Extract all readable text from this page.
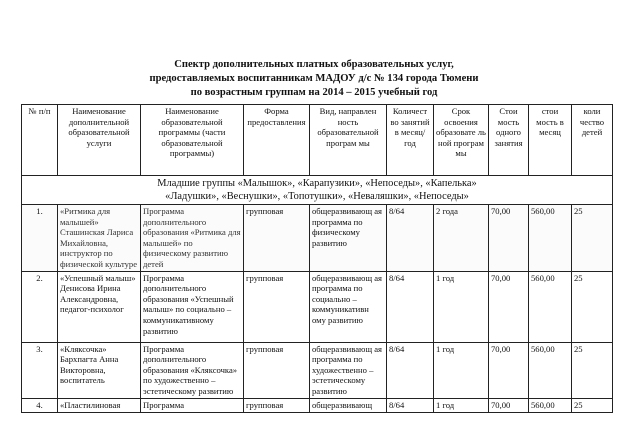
Спектр дополнительных платных образовательных услуг,
предоставляемых воспитанникам МАДОУ д/с № 134 города Тюмени
по возрастным группам на 2014 – 2015 учебный год
№ п/п	Наименование дополнительной образовательной услуги	Наименование образовательной программы (части образовательной программы)	Форма предоставления	Вид, направлен ность образовательной програм мы	Количест во занятий в месяц/год	Срок освоения образовате ль ной програм мы	Стои мость одного занятия	стои мость в месяц	коли чество детей

Младшие группы «Малышок», «Карапузики», «Непоседы», «Капелька»
«Ладушки», «Веснушки», «Топотушки», «Неваляшки», «Непоседы»									

1.	«Ритмика для малышей» Сташинская Лариса Михайловна, инструктор по физической культуре	Программа дополнительного образования «Ритмика для малышей» по физическому развитию детей	групповая	общеразвивающ ая программа по физическому развитию	8/64	2 года	70,00	560,00	25
2.	«Успешный малыш» Денисова Ирина Александровна, педагог-психолог	Программа дополнительного образования «Успешный малыш» по социально – коммуникативному развитию	групповая	общеразвивающ ая программа по социально – коммуникативн ому развитию	8/64	1 год	70,00	560,00	25
3.	«Кляксочка» Бархпагта Анна Викторовна, воспитатель	Программа дополнительного образования «Кляксочка» по художественно – эстетическому развитию	групповая	общеразвивающ ая программа по художественно – эстетическому развитию	8/64	1 год	70,00	560,00	25
4.	«Пластилиновая	Программа	групповая	общеразвивающ	8/64	1 год	70,00	560,00	25
